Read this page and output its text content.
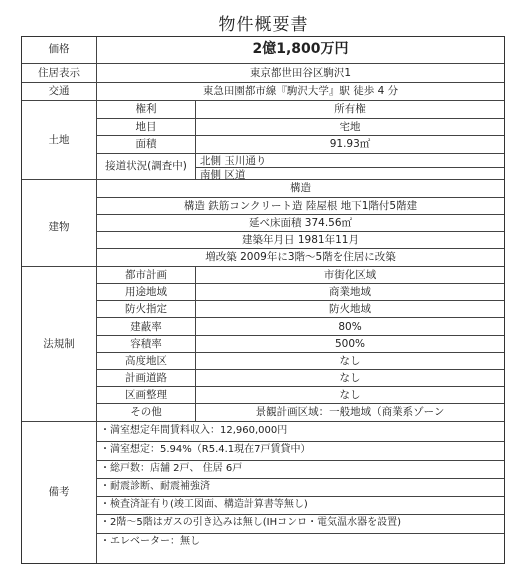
物件概要書
価格	2億1,800万円
住居表示	東京都世田谷区駒沢1
交通	東急田園都市線『駒沢大学』駅 徒歩 4 分
土地
権利	所有権
地目	宅地
面積	91.93㎡
接道状況(調査中)	北側 玉川通り
南側 区道
建物
構造
構造 鉄筋コンクリート造 陸屋根 地下1階付5階建
延べ床面積 374.56㎡
建築年月日 1981年11月
増改築 2009年に3階～5階を住居に改築
法規制
都市計画	市街化区域
用途地域	商業地域
防火指定	防火地域
建蔽率	80%
容積率	500%
高度地区	なし
計画道路	なし
区画整理	なし
その他	景観計画区域：一般地域（商業系ゾーン
備考
・満室想定年間賃料収入：12,960,000円
・満室想定：5.94%（R5.4.1現在7戸賃貸中）
・総戸数：店舗 2戸、 住居 6戸
・耐震診断、耐震補強済
・検査済証有り(竣工図面、構造計算書等無し)
・2階～5階はガスの引き込みは無し(IHコンロ・電気温水器を設置)
・エレベーター：無し
